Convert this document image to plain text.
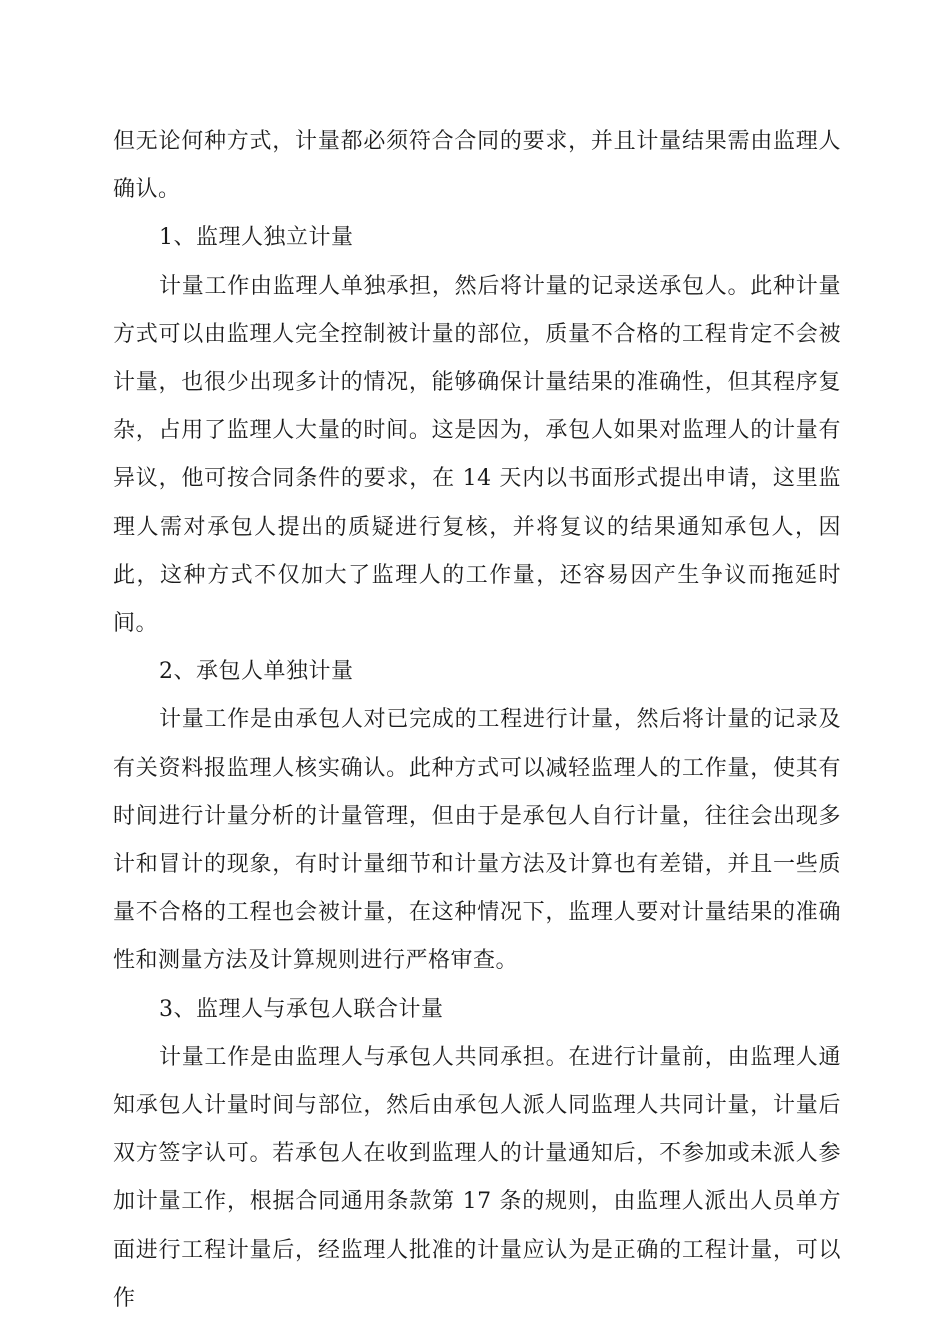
但无论何种方式，计量都必须符合合同的要求，并且计量结果需由监理人确认。

1、监理人独立计量

计量工作由监理人单独承担，然后将计量的记录送承包人。此种计量方式可以由监理人完全控制被计量的部位，质量不合格的工程肯定不会被计量，也很少出现多计的情况，能够确保计量结果的准确性，但其程序复杂，占用了监理人大量的时间。这是因为，承包人如果对监理人的计量有异议，他可按合同条件的要求，在 14 天内以书面形式提出申请，这里监理人需对承包人提出的质疑进行复核，并将复议的结果通知承包人，因此，这种方式不仅加大了监理人的工作量，还容易因产生争议而拖延时间。

2、承包人单独计量

计量工作是由承包人对已完成的工程进行计量，然后将计量的记录及有关资料报监理人核实确认。此种方式可以减轻监理人的工作量，使其有时间进行计量分析的计量管理，但由于是承包人自行计量，往往会出现多计和冒计的现象，有时计量细节和计量方法及计算也有差错，并且一些质量不合格的工程也会被计量，在这种情况下，监理人要对计量结果的准确性和测量方法及计算规则进行严格审查。

3、监理人与承包人联合计量

计量工作是由监理人与承包人共同承担。在进行计量前，由监理人通知承包人计量时间与部位，然后由承包人派人同监理人共同计量，计量后双方签字认可。若承包人在收到监理人的计量通知后，不参加或未派人参加计量工作，根据合同通用条款第 17 条的规则，由监理人派出人员单方面进行工程计量后，经监理人批准的计量应认为是正确的工程计量，可以作
